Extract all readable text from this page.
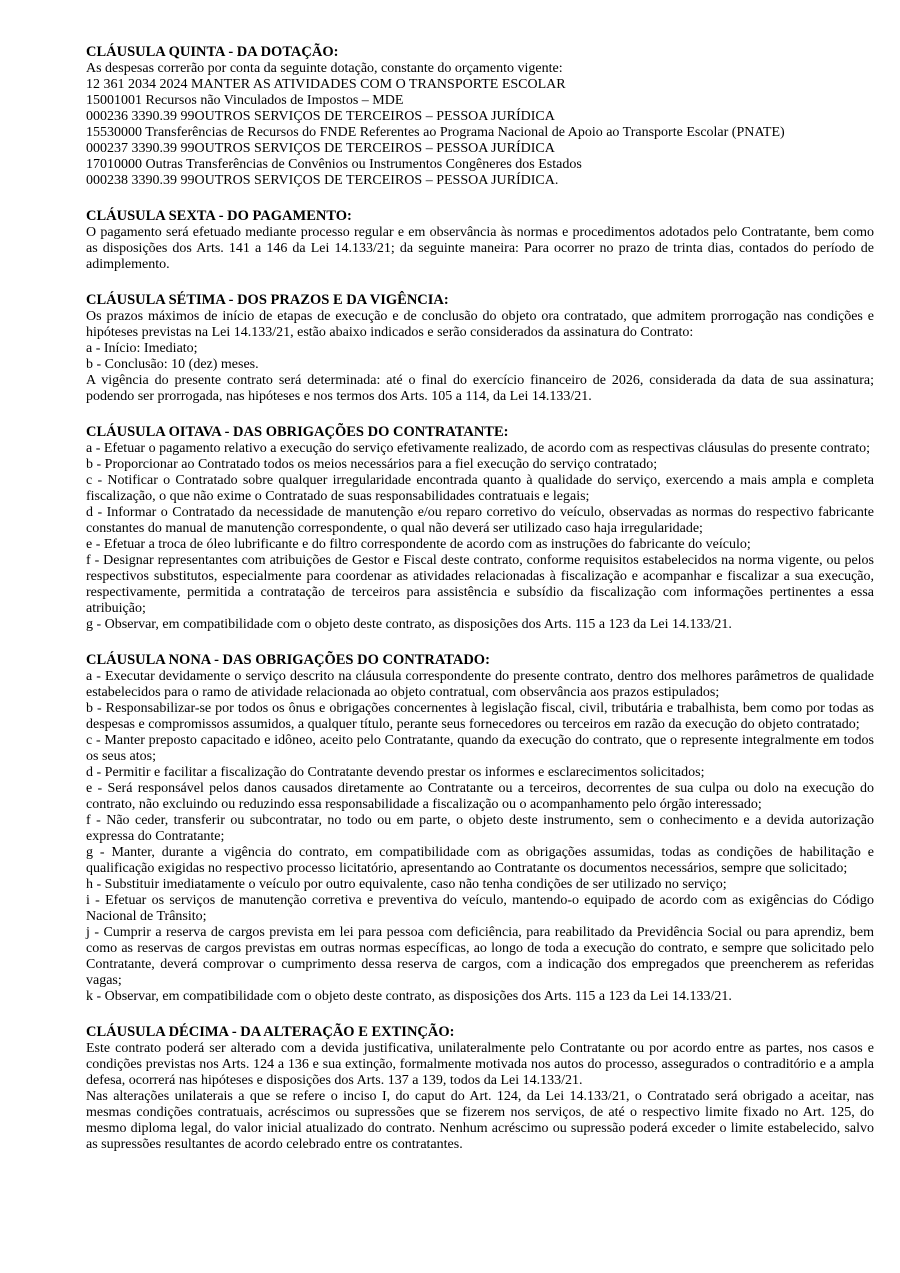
CLÁUSULA QUINTA - DA DOTAÇÃO:

As despesas correrão por conta da seguinte dotação, constante do orçamento vigente:

12 361 2034 2024 MANTER AS ATIVIDADES COM O TRANSPORTE ESCOLAR

15001001 Recursos não Vinculados de Impostos – MDE

000236 3390.39 99OUTROS SERVIÇOS DE TERCEIROS – PESSOA JURÍDICA

15530000 Transferências de Recursos do FNDE Referentes ao Programa Nacional de Apoio ao Transporte Escolar (PNATE)

000237 3390.39 99OUTROS SERVIÇOS DE TERCEIROS – PESSOA JURÍDICA

17010000 Outras Transferências de Convênios ou Instrumentos Congêneres dos Estados

000238 3390.39 99OUTROS SERVIÇOS DE TERCEIROS – PESSOA JURÍDICA.

CLÁUSULA SEXTA - DO PAGAMENTO:

O pagamento será efetuado mediante processo regular e em observância às normas e procedimentos adotados pelo Contratante, bem como as disposições dos Arts. 141 a 146 da Lei 14.133/21; da seguinte maneira: Para ocorrer no prazo de trinta dias, contados do período de adimplemento.

CLÁUSULA SÉTIMA - DOS PRAZOS E DA VIGÊNCIA:

Os prazos máximos de início de etapas de execução e de conclusão do objeto ora contratado, que admitem prorrogação nas condições e hipóteses previstas na Lei 14.133/21, estão abaixo indicados e serão considerados da assinatura do Contrato:

a - Início: Imediato;

b - Conclusão: 10 (dez) meses.

A vigência do presente contrato será determinada: até o final do exercício financeiro de 2026, considerada da data de sua assinatura; podendo ser prorrogada, nas hipóteses e nos termos dos Arts. 105 a 114, da Lei 14.133/21.

CLÁUSULA OITAVA - DAS OBRIGAÇÕES DO CONTRATANTE:

a - Efetuar o pagamento relativo a execução do serviço efetivamente realizado, de acordo com as respectivas cláusulas do presente contrato;

b - Proporcionar ao Contratado todos os meios necessários para a fiel execução do serviço contratado;

c - Notificar o Contratado sobre qualquer irregularidade encontrada quanto à qualidade do serviço, exercendo a mais ampla e completa fiscalização, o que não exime o Contratado de suas responsabilidades contratuais e legais;

d - Informar o Contratado da necessidade de manutenção e/ou reparo corretivo do veículo, observadas as normas do respectivo fabricante constantes do manual de manutenção correspondente, o qual não deverá ser utilizado caso haja irregularidade;

e - Efetuar a troca de óleo lubrificante e do filtro correspondente de acordo com as instruções do fabricante do veículo;

f - Designar representantes com atribuições de Gestor e Fiscal deste contrato, conforme requisitos estabelecidos na norma vigente, ou pelos respectivos substitutos, especialmente para coordenar as atividades relacionadas à fiscalização e acompanhar e fiscalizar a sua execução, respectivamente, permitida a contratação de terceiros para assistência e subsídio da fiscalização com informações pertinentes a essa atribuição;

g - Observar, em compatibilidade com o objeto deste contrato, as disposições dos Arts. 115 a 123 da Lei 14.133/21.

CLÁUSULA NONA - DAS OBRIGAÇÕES DO CONTRATADO:

a - Executar devidamente o serviço descrito na cláusula correspondente do presente contrato, dentro dos melhores parâmetros de qualidade estabelecidos para o ramo de atividade relacionada ao objeto contratual, com observância aos prazos estipulados;

b - Responsabilizar-se por todos os ônus e obrigações concernentes à legislação fiscal, civil, tributária e trabalhista, bem como por todas as despesas e compromissos assumidos, a qualquer título, perante seus fornecedores ou terceiros em razão da execução do objeto contratado;

c - Manter preposto capacitado e idôneo, aceito pelo Contratante, quando da execução do contrato, que o represente integralmente em todos os seus atos;

d - Permitir e facilitar a fiscalização do Contratante devendo prestar os informes e esclarecimentos solicitados;

e - Será responsável pelos danos causados diretamente ao Contratante ou a terceiros, decorrentes de sua culpa ou dolo na execução do contrato, não excluindo ou reduzindo essa responsabilidade a fiscalização ou o acompanhamento pelo órgão interessado;

f - Não ceder, transferir ou subcontratar, no todo ou em parte, o objeto deste instrumento, sem o conhecimento e a devida autorização expressa do Contratante;

g - Manter, durante a vigência do contrato, em compatibilidade com as obrigações assumidas, todas as condições de habilitação e qualificação exigidas no respectivo processo licitatório, apresentando ao Contratante os documentos necessários, sempre que solicitado;

h - Substituir imediatamente o veículo por outro equivalente, caso não tenha condições de ser utilizado no serviço;

i - Efetuar os serviços de manutenção corretiva e preventiva do veículo, mantendo-o equipado de acordo com as exigências do Código Nacional de Trânsito;

j - Cumprir a reserva de cargos prevista em lei para pessoa com deficiência, para reabilitado da Previdência Social ou para aprendiz, bem como as reservas de cargos previstas em outras normas específicas, ao longo de toda a execução do contrato, e sempre que solicitado pelo Contratante, deverá comprovar o cumprimento dessa reserva de cargos, com a indicação dos empregados que preencherem as referidas vagas;

k - Observar, em compatibilidade com o objeto deste contrato, as disposições dos Arts. 115 a 123 da Lei 14.133/21.

CLÁUSULA DÉCIMA - DA ALTERAÇÃO E EXTINÇÃO:

Este contrato poderá ser alterado com a devida justificativa, unilateralmente pelo Contratante ou por acordo entre as partes, nos casos e condições previstas nos Arts. 124 a 136 e sua extinção, formalmente motivada nos autos do processo, assegurados o contraditório e a ampla defesa, ocorrerá nas hipóteses e disposições dos Arts. 137 a 139, todos da Lei 14.133/21.

Nas alterações unilaterais a que se refere o inciso I, do caput do Art. 124, da Lei 14.133/21, o Contratado será obrigado a aceitar, nas mesmas condições contratuais, acréscimos ou supressões que se fizerem nos serviços, de até o respectivo limite fixado no Art. 125, do mesmo diploma legal, do valor inicial atualizado do contrato. Nenhum acréscimo ou supressão poderá exceder o limite estabelecido, salvo as supressões resultantes de acordo celebrado entre os contratantes.
